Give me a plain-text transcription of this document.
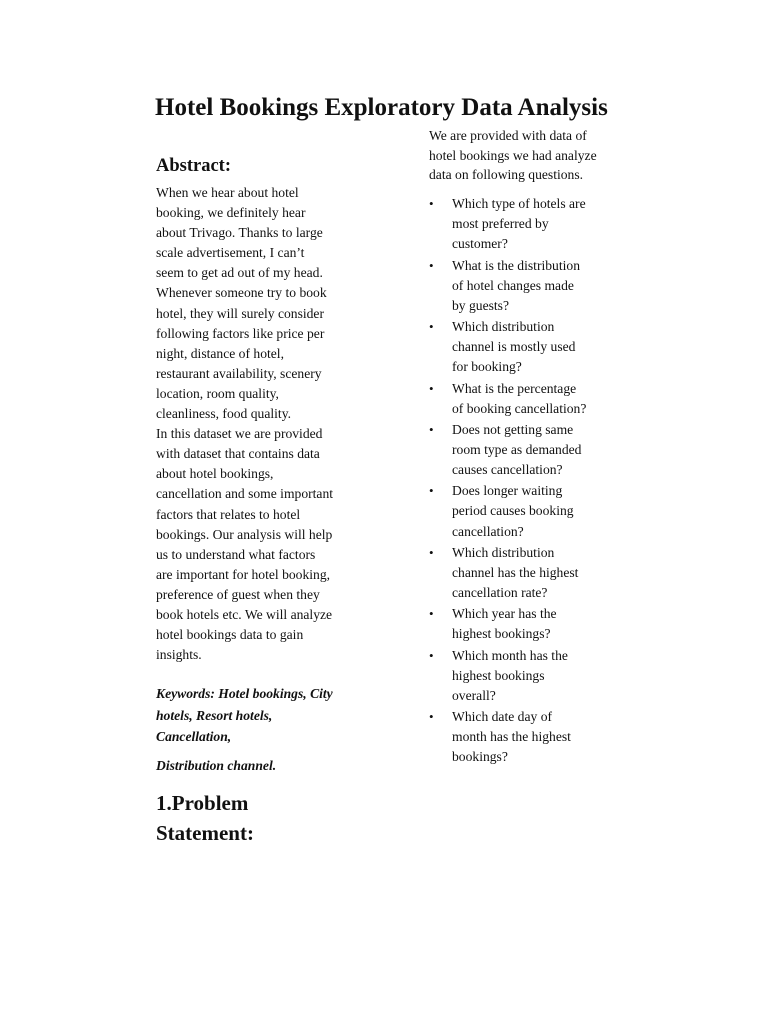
Hotel Bookings Exploratory Data Analysis
Abstract:

When we hear about hotel booking, we definitely hear about Trivago. Thanks to large scale advertisement, I can’t seem to get ad out of my head. Whenever someone try to book hotel, they will surely consider following factors like price per night, distance of hotel, restaurant availability, scenery location, room quality, cleanliness, food quality.

In this dataset we are provided with dataset that contains data about hotel bookings, cancellation and some important factors that relates to hotel bookings. Our analysis will help us to understand what factors are important for hotel booking, preference of guest when they book hotels etc. We will analyze hotel bookings data to gain insights.

Keywords: Hotel bookings, City hotels, Resort hotels, Cancellation,

Distribution channel.

1.Problem Statement:

We are provided with data of hotel bookings we had analyze data on following questions.

• Which type of hotels are most preferred by customer?
• What is the distribution of hotel changes made by guests?
• Which distribution channel is mostly used for booking?
• What is the percentage of booking cancellation?
• Does not getting same room type as demanded causes cancellation?
• Does longer waiting period causes booking cancellation?
• Which distribution channel has the highest cancellation rate?
• Which year has the highest bookings?
• Which month has the highest bookings overall?
• Which date day of month has the highest bookings?
